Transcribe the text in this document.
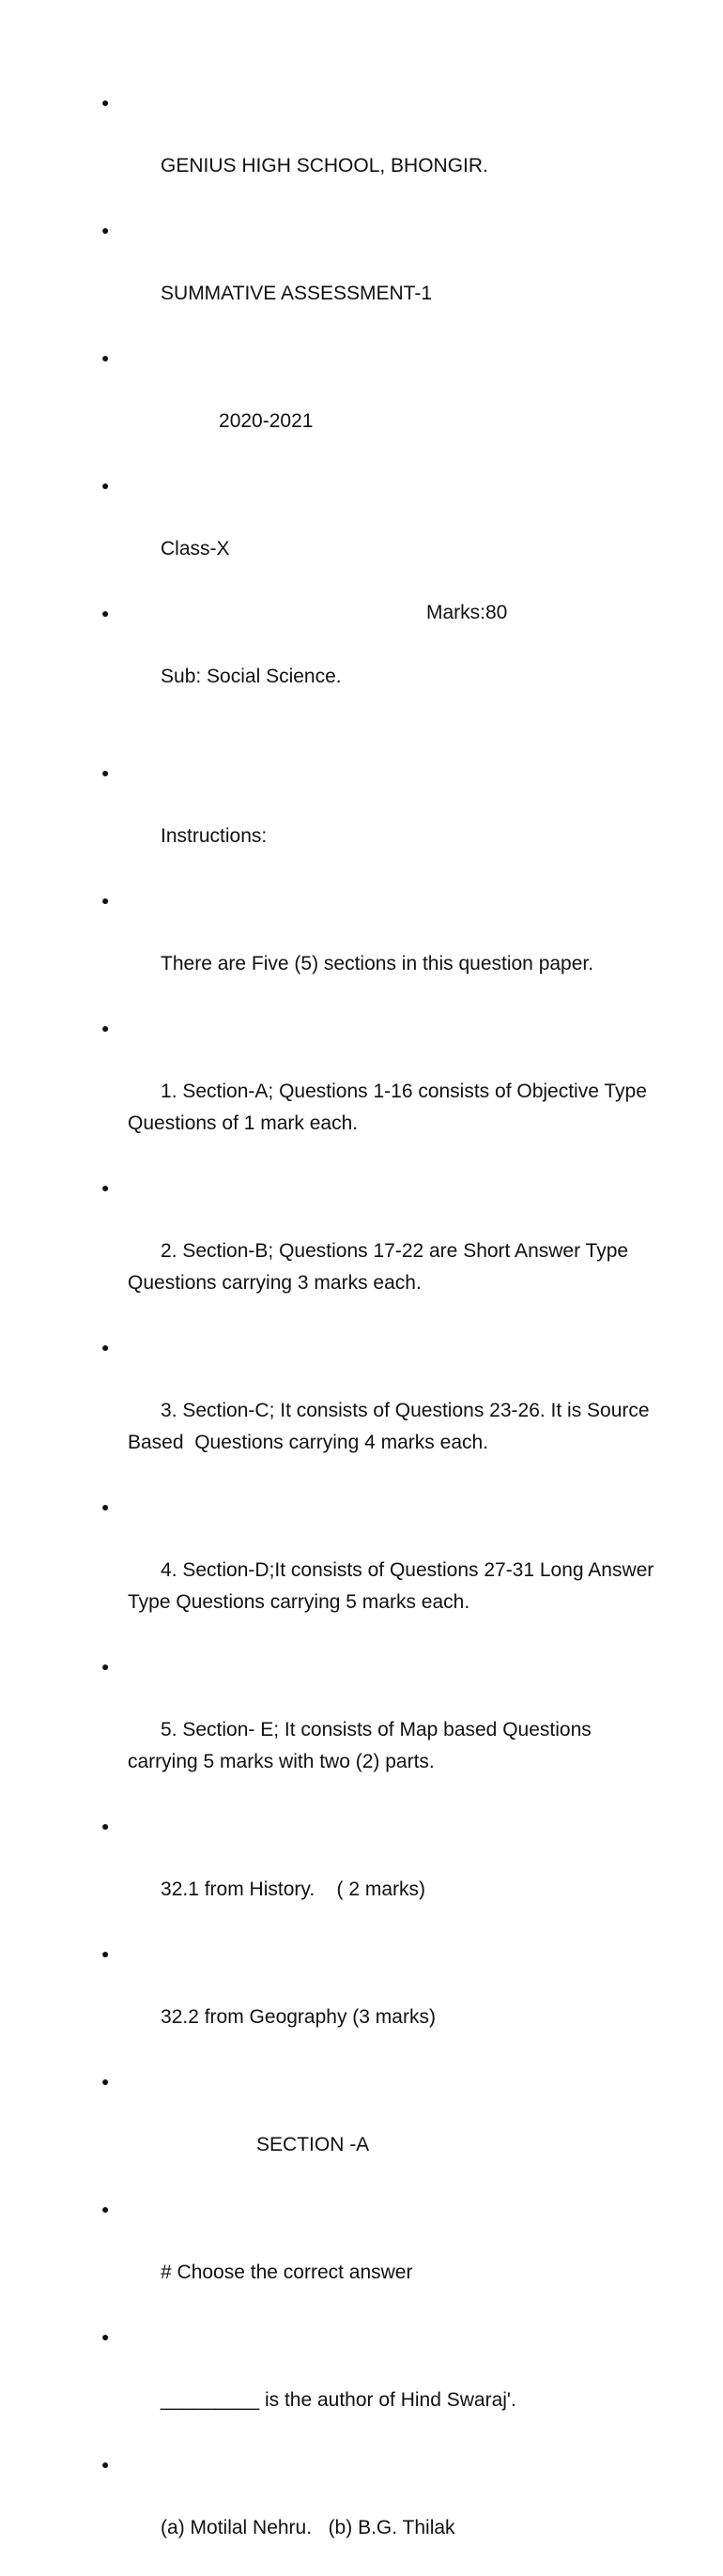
●

GENIUS HIGH SCHOOL, BHONGIR.

●

SUMMATIVE ASSESSMENT-1

●

2020-2021

●

Class-X

●

Sub: Social Science.

Marks:80

●

Instructions:

●

There are Five (5) sections in this question paper.

●

1. Section-A; Questions 1-16 consists of Objective Type Questions of 1 mark each.

●

2. Section-B; Questions 17-22 are Short Answer Type Questions carrying 3 marks each.

●

3. Section-C; It consists of Questions 23-26. It is Source Based  Questions carrying 4 marks each.

●

4. Section-D;It consists of Questions 27-31 Long Answer Type Questions carrying 5 marks each.

●

5. Section- E; It consists of Map based Questions carrying 5 marks with two (2) parts.

●

32.1 from History.    ( 2 marks)

●

32.2 from Geography (3 marks)

●

SECTION -A

●

# Choose the correct answer

●

_________ is the author of Hind Swaraj'.

●

(a) Motilal Nehru.   (b) B.G. Thilak
